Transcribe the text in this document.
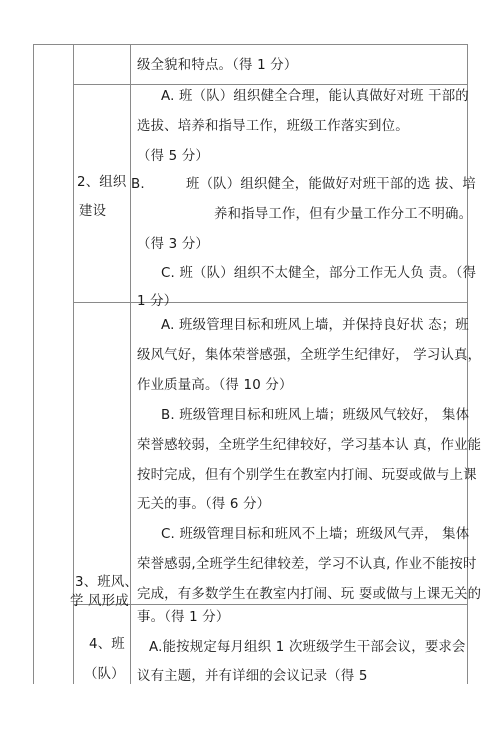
级全貌和特点。（得 1 分）
2、组织
建设
A. 班（队）组织健全合理，能认真做好对班 干部的
选拔、培养和指导工作，班级工作落实到位。
（得 5 分）
B.	班（队）组织健全，能做好对班干部的选 拔、培
养和指导工作，但有少量工作分工不明确。
（得 3 分）
C. 班（队）组织不太健全，部分工作无人负 责。（得
1 分）
3、班风、
学 风形成
A. 班级管理目标和班风上墙，并保持良好状 态；班
级风气好，集体荣誉感强，全班学生纪律好， 学习认真，
作业质量高。（得 10 分）
B. 班级管理目标和班风上墙；班级风气较好， 集体
荣誉感较弱，全班学生纪律较好，学习基本认 真，作业能
按时完成，但有个别学生在教室内打闹、玩耍或做与上课
无关的事。（得 6 分）
C. 班级管理目标和班风不上墙；班级风气弄， 集体
荣誉感弱,全班学生纪律较差，学习不认真, 作业不能按时
完成，有多数学生在教室内打闹、玩 耍或做与上课无关的
事。（得 1 分）
4、班
（队）
A.能按规定每月组织 1 次班级学生干部会议，要求会
议有主题，并有详细的会议记录（得 5
